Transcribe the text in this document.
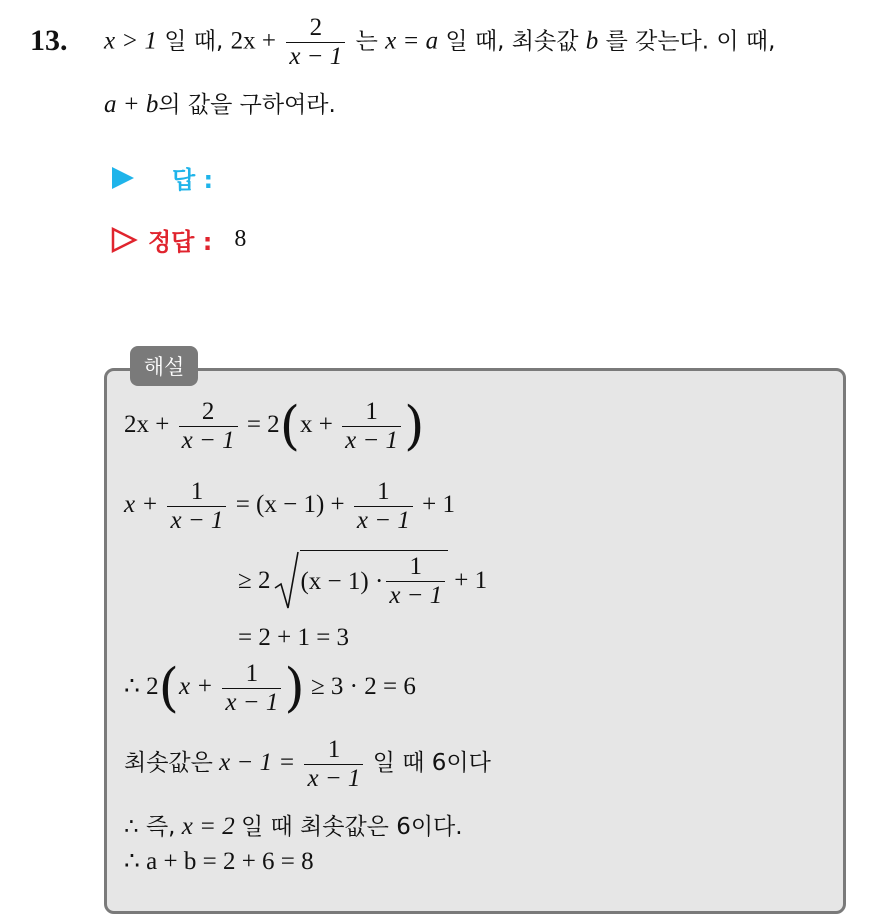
13. x > 1 일 때, $2x + \frac{2}{x - 1}$ 는 x = a 일 때, 최솟값 b 를 갖는다. 이 때,
a + b의 값을 구하여라.
답 :
정답 : 8
해설
$2x + \frac{2}{x - 1} = 2(x + \frac{1}{x - 1}$ )
$x + \frac{1}{x - 1} = (x - 1) + \frac{1}{x - 1} + 1$
≥ 2 $(x - 1) \cdot \frac{1}{x - 1} + 1$
= 2 + 1 = 3
∴ $2(x + \frac{1}{x - 1}$ ) ≥ 3 · 2 = 6
최솟값은 $x - 1 = \frac{1}{x - 1}$ 일 때 6이다
∴ 즉, x = 2 일 때 최솟값은 6이다.
∴ a + b = 2 + 6 = 8
